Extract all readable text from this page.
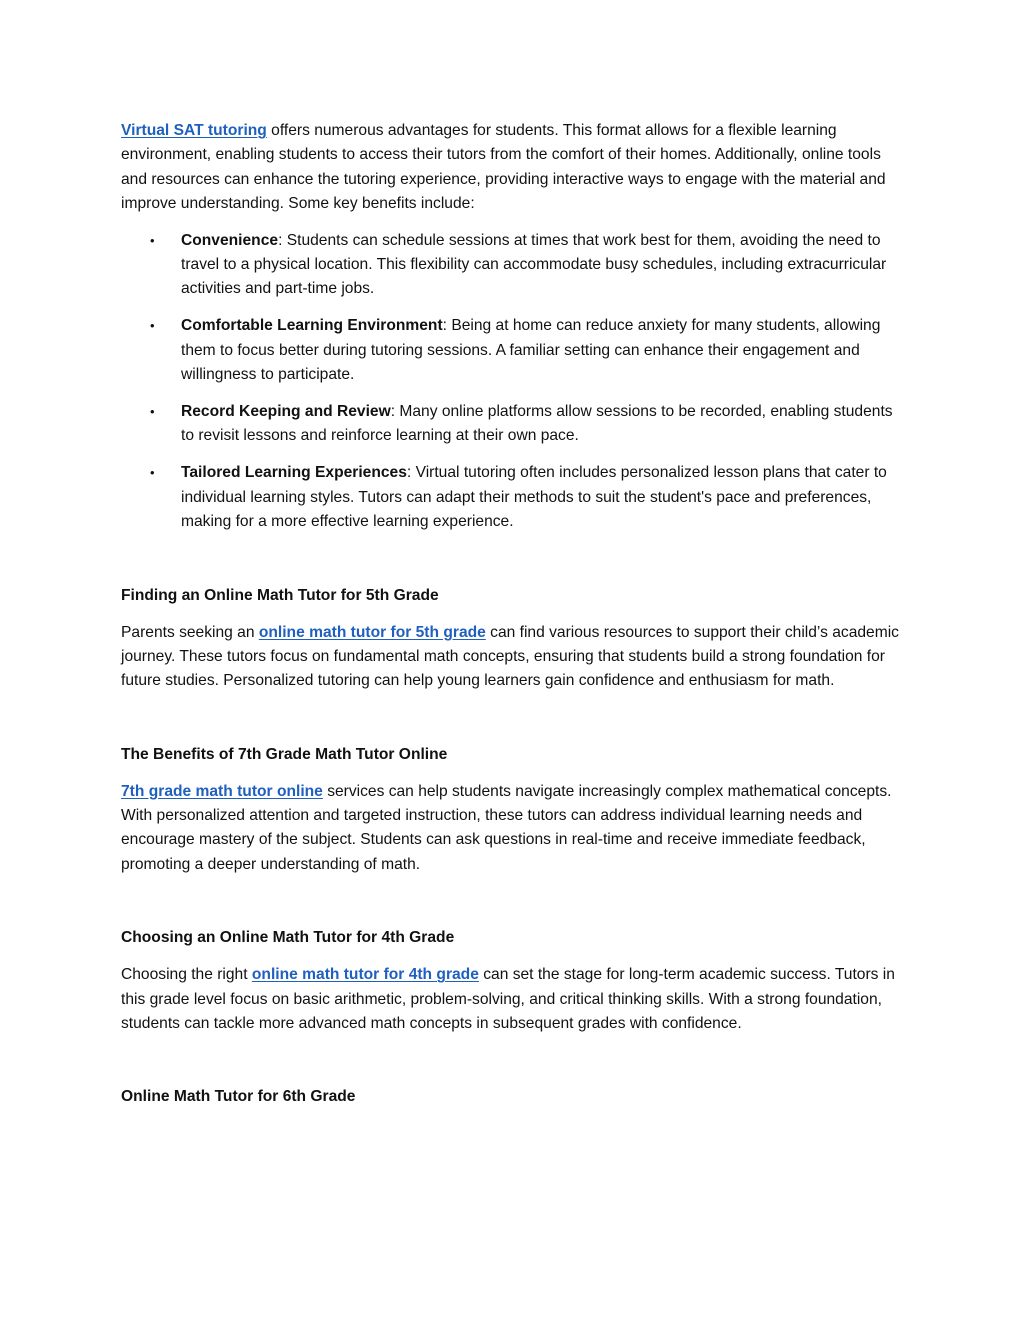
Virtual SAT tutoring offers numerous advantages for students. This format allows for a flexible learning environment, enabling students to access their tutors from the comfort of their homes. Additionally, online tools and resources can enhance the tutoring experience, providing interactive ways to engage with the material and improve understanding. Some key benefits include:

• Convenience: Students can schedule sessions at times that work best for them, avoiding the need to travel to a physical location. This flexibility can accommodate busy schedules, including extracurricular activities and part-time jobs.
• Comfortable Learning Environment: Being at home can reduce anxiety for many students, allowing them to focus better during tutoring sessions. A familiar setting can enhance their engagement and willingness to participate.
• Record Keeping and Review: Many online platforms allow sessions to be recorded, enabling students to revisit lessons and reinforce learning at their own pace.
• Tailored Learning Experiences: Virtual tutoring often includes personalized lesson plans that cater to individual learning styles. Tutors can adapt their methods to suit the student's pace and preferences, making for a more effective learning experience.
Finding an Online Math Tutor for 5th Grade

Parents seeking an online math tutor for 5th grade can find various resources to support their child’s academic journey. These tutors focus on fundamental math concepts, ensuring that students build a strong foundation for future studies. Personalized tutoring can help young learners gain confidence and enthusiasm for math.

The Benefits of 7th Grade Math Tutor Online

7th grade math tutor online services can help students navigate increasingly complex mathematical concepts. With personalized attention and targeted instruction, these tutors can address individual learning needs and encourage mastery of the subject. Students can ask questions in real-time and receive immediate feedback, promoting a deeper understanding of math.

Choosing an Online Math Tutor for 4th Grade

Choosing the right online math tutor for 4th grade can set the stage for long-term academic success. Tutors in this grade level focus on basic arithmetic, problem-solving, and critical thinking skills. With a strong foundation, students can tackle more advanced math concepts in subsequent grades with confidence.

Online Math Tutor for 6th Grade
